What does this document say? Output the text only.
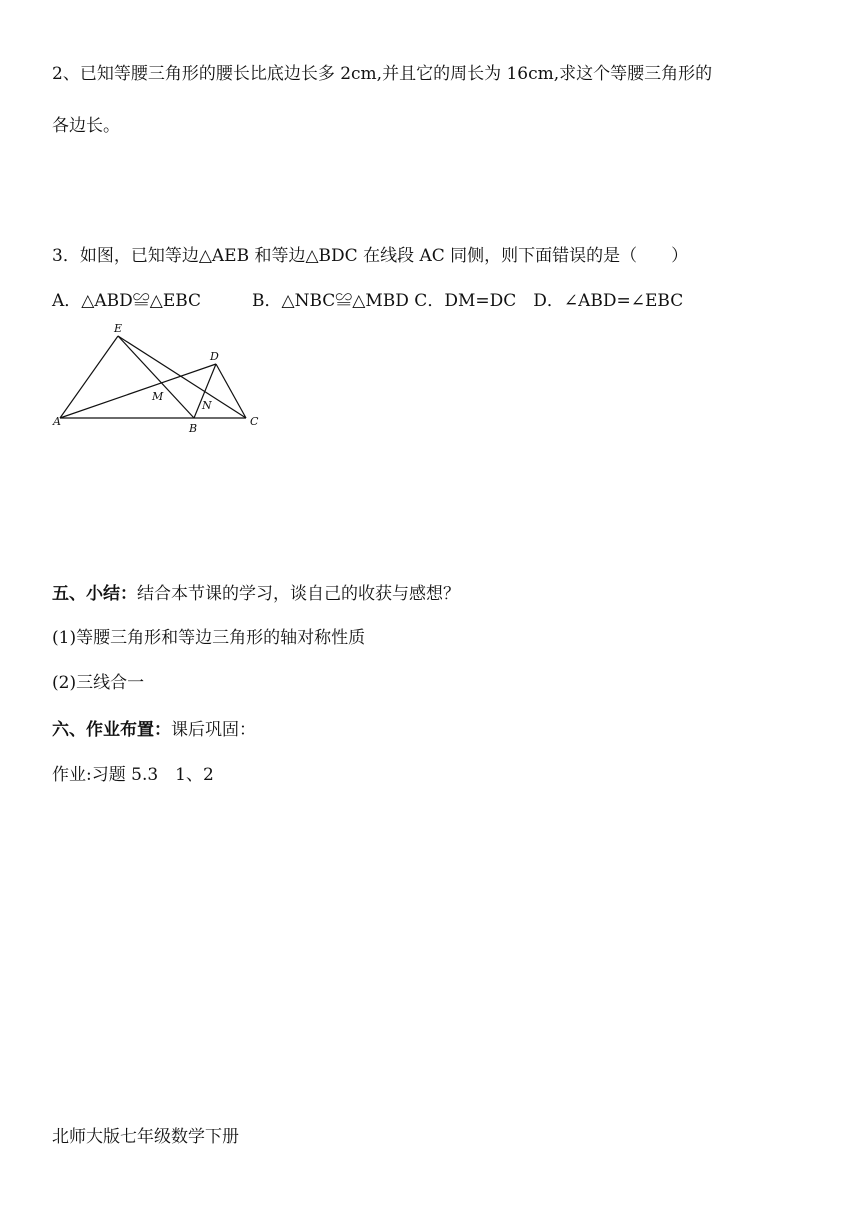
2、已知等腰三角形的腰长比底边长多 2cm,并且它的周长为 16cm,求这个等腰三角形的
各边长。
3．如图，已知等边△AEB 和等边△BDC 在线段 AC 同侧，则下面错误的是（　　）
A．△ABD≌△EBC　　　B．△NBC≌△MBD C．DM=DC　D．∠ABD=∠EBC
E
D
M
N
A
B
C
五、小结：结合本节课的学习，谈自己的收获与感想？
(1)等腰三角形和等边三角形的轴对称性质
(2)三线合一
六、作业布置：课后巩固：
作业:习题 5.3　1、2
北师大版七年级数学下册
